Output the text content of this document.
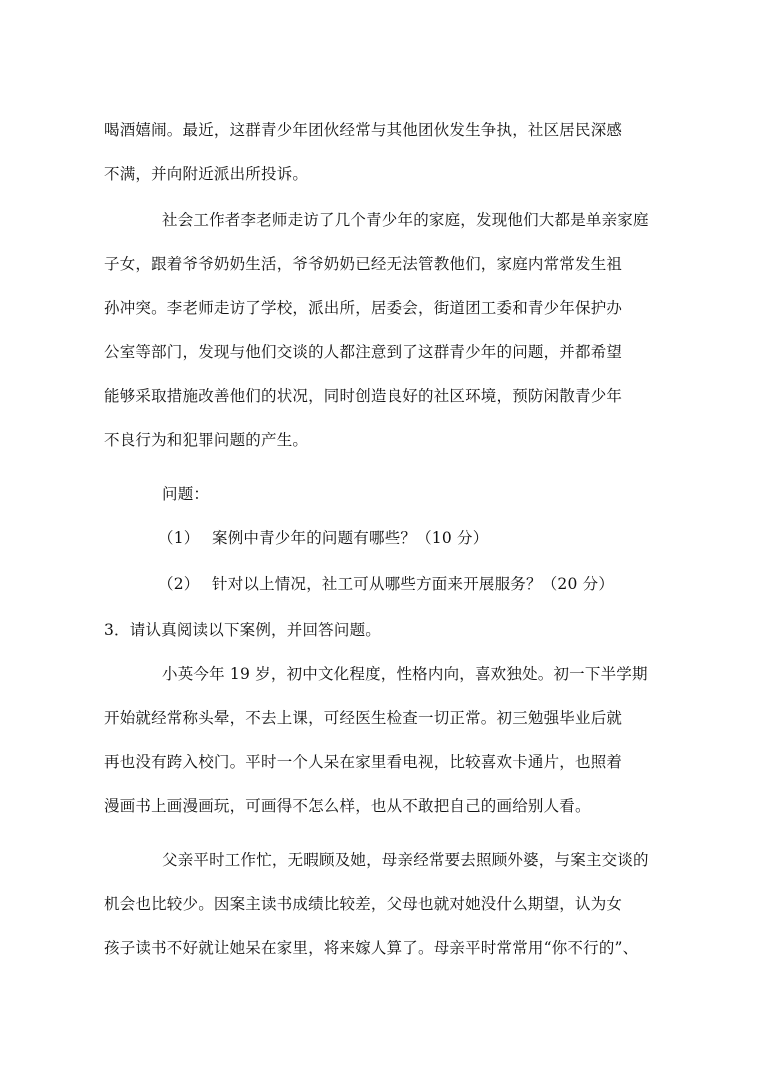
喝酒嬉闹。最近，这群青少年团伙经常与其他团伙发生争执，社区居民深感
不满，并向附近派出所投诉。
社会工作者李老师走访了几个青少年的家庭，发现他们大都是单亲家庭
子女，跟着爷爷奶奶生活，爷爷奶奶已经无法管教他们，家庭内常常发生祖
孙冲突。李老师走访了学校，派出所，居委会，街道团工委和青少年保护办
公室等部门，发现与他们交谈的人都注意到了这群青少年的问题，并都希望
能够采取措施改善他们的状况，同时创造良好的社区环境，预防闲散青少年
不良行为和犯罪问题的产生。
问题：
（1） 案例中青少年的问题有哪些？（10 分）
（2） 针对以上情况，社工可从哪些方面来开展服务？（20 分）
3．请认真阅读以下案例，并回答问题。
小英今年 19 岁，初中文化程度，性格内向，喜欢独处。初一下半学期
开始就经常称头晕，不去上课，可经医生检查一切正常。初三勉强毕业后就
再也没有跨入校门。平时一个人呆在家里看电视，比较喜欢卡通片，也照着
漫画书上画漫画玩，可画得不怎么样，也从不敢把自己的画给别人看。
父亲平时工作忙，无暇顾及她，母亲经常要去照顾外婆，与案主交谈的
机会也比较少。因案主读书成绩比较差，父母也就对她没什么期望，认为女
孩子读书不好就让她呆在家里，将来嫁人算了。母亲平时常常用“你不行的”、
